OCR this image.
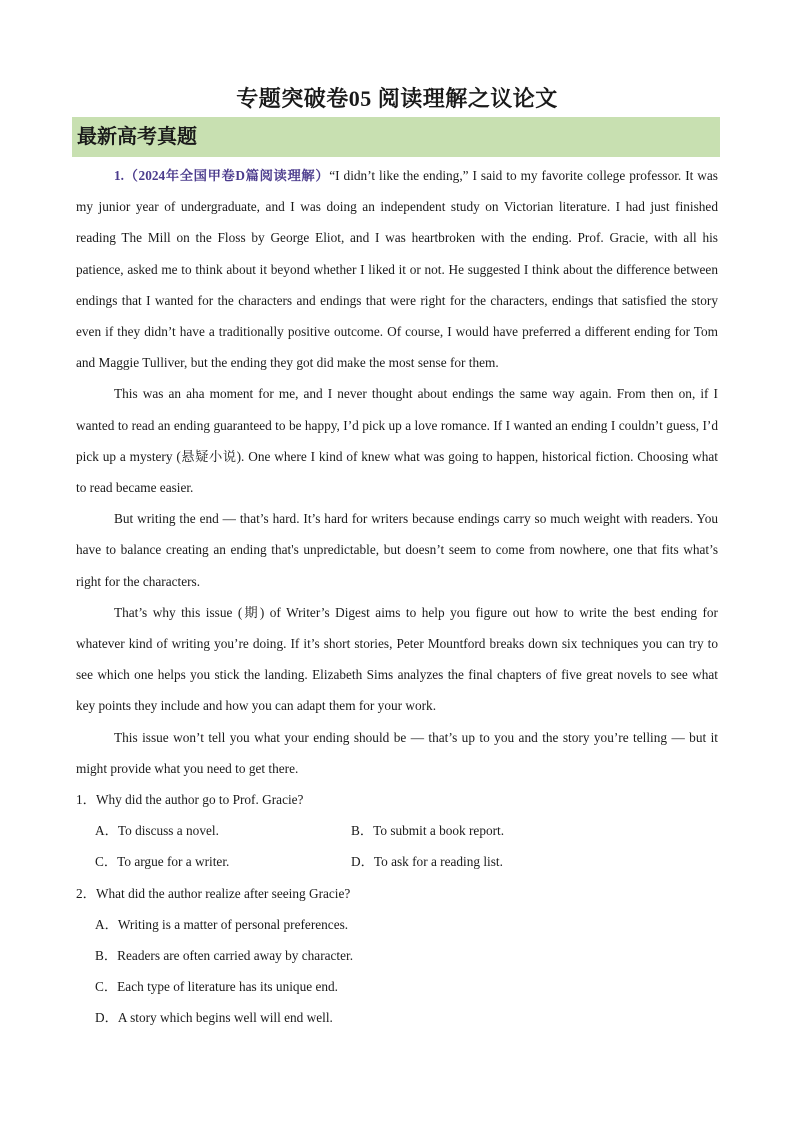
专题突破卷05 阅读理解之议论文
最新高考真题

1.（2024年全国甲卷D篇阅读理解）“I didn’t like the ending,” I said to my favorite college professor. It was my junior year of undergraduate, and I was doing an independent study on Victorian literature. I had just finished reading The Mill on the Floss by George Eliot, and I was heartbroken with the ending. Prof. Gracie, with all his patience, asked me to think about it beyond whether I liked it or not. He suggested I think about the difference between endings that I wanted for the characters and endings that were right for the characters, endings that satisfied the story even if they didn’t have a traditionally positive outcome. Of course, I would have preferred a different ending for Tom and Maggie Tulliver, but the ending they got did make the most sense for them.

This was an aha moment for me, and I never thought about endings the same way again. From then on, if I wanted to read an ending guaranteed to be happy, I’d pick up a love romance. If I wanted an ending I couldn’t guess, I’d pick up a mystery (悬疑小说). One where I kind of knew what was going to happen, historical fiction. Choosing what to read became easier.

But writing the end — that’s hard. It’s hard for writers because endings carry so much weight with readers. You have to balance creating an ending that's unpredictable, but doesn’t seem to come from nowhere, one that fits what’s right for the characters.

That’s why this issue (期) of Writer’s Digest aims to help you figure out how to write the best ending for whatever kind of writing you’re doing. If it’s short stories, Peter Mountford breaks down six techniques you can try to see which one helps you stick the landing. Elizabeth Sims analyzes the final chapters of five great novels to see what key points they include and how you can adapt them for your work.

This issue won’t tell you what your ending should be — that’s up to you and the story you’re telling — but it might provide what you need to get there.

1．Why did the author go to Prof. Gracie?
A．To discuss a novel.	B．To submit a book report.
C．To argue for a writer.	D．To ask for a reading list.
2．What did the author realize after seeing Gracie?
A．Writing is a matter of personal preferences.
B．Readers are often carried away by character.
C．Each type of literature has its unique end.
D．A story which begins well will end well.
